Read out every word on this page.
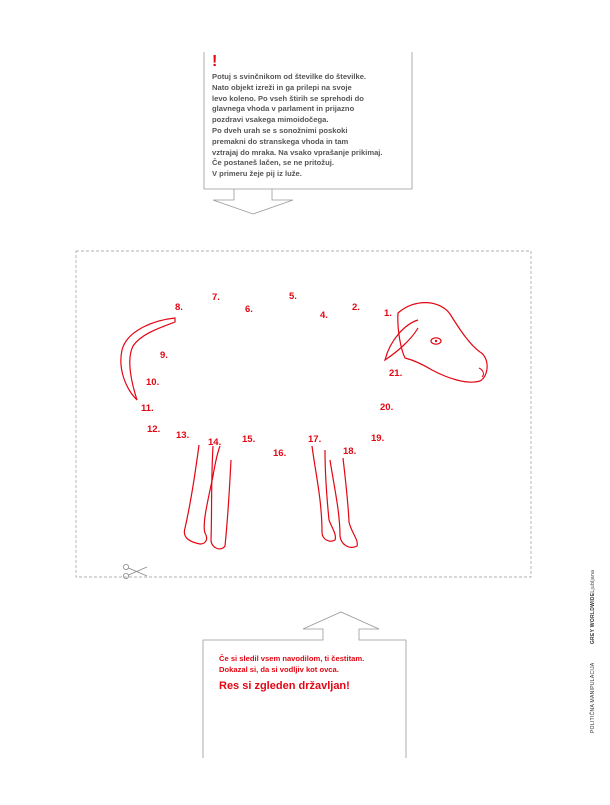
!
Potuj s svinčnikom od številke do številke.
Nato objekt izreži in ga prilepi na svoje
levo koleno. Po vseh štirih se sprehodi do
glavnega vhoda v parlament in prijazno
pozdravi vsakega mimoidočega.
Po dveh urah se s sonožnimi poskoki
premakni do stranskega vhoda in tam
vztrajaj do mraka. Na vsako vprašanje prikimaj.
Če postaneš lačen, se ne pritožuj.
V primeru žeje pij iz luže.
1.
2.
4.
5.
6.
7.
8.
9.
10.
11.
12.
13.
14. 15.
16.
17.
18.
19.
20.
21.
Če si sledil vsem navodilom, ti čestitam.
Dokazal si, da si vodljiv kot ovca.
Res si zgleden državljan!	POLITIČNA MANIPULACIJA           GREY WORLDWIDELjubljana
